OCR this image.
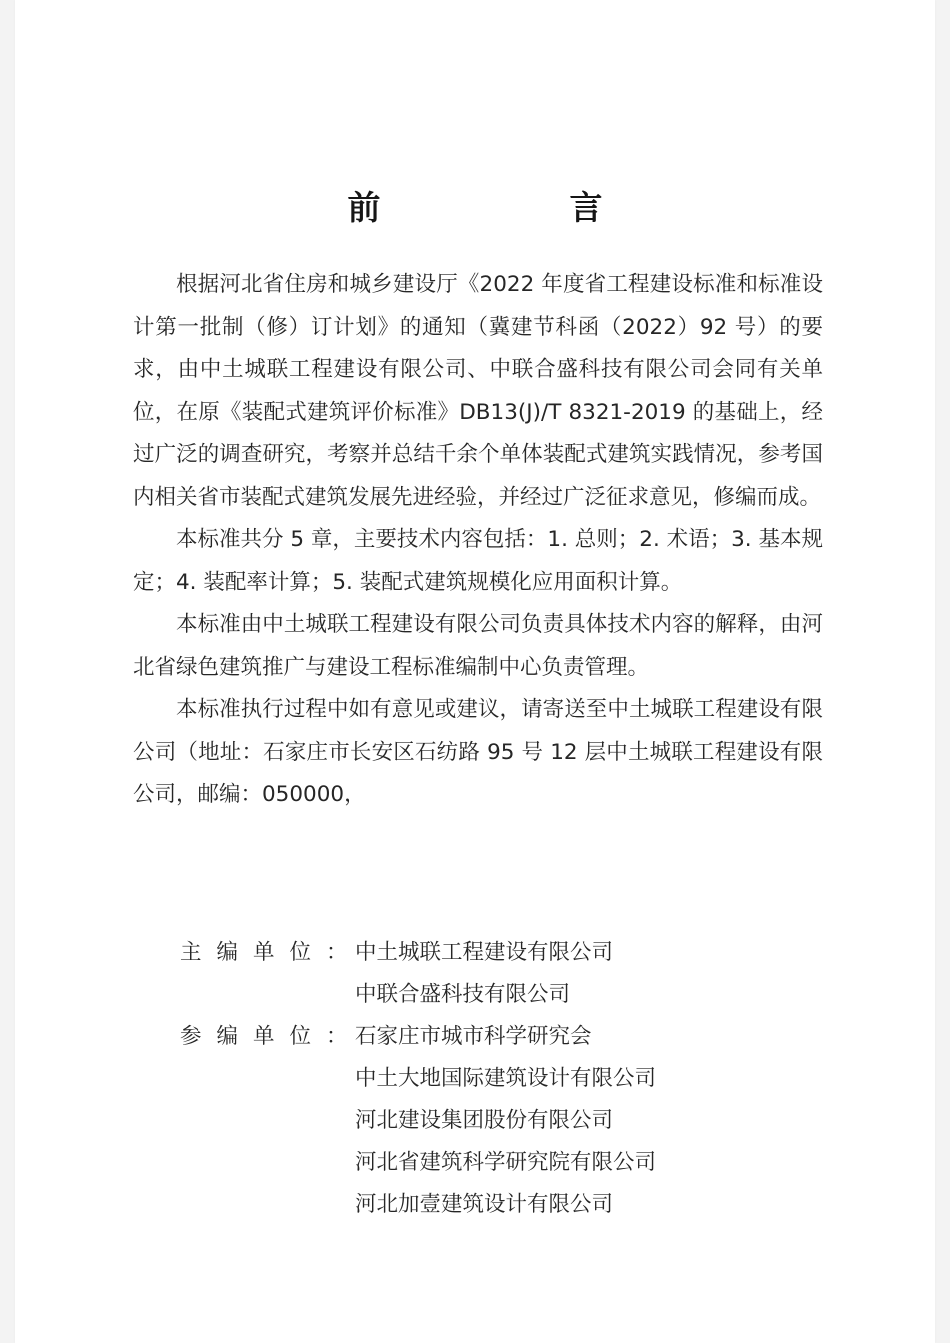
前　言

根据河北省住房和城乡建设厅《2022 年度省工程建设标准和标准设计第一批制（修）订计划》的通知（冀建节科函（2022）92 号）的要求，由中土城联工程建设有限公司、中联合盛科技有限公司会同有关单位，在原《装配式建筑评价标准》DB13(J)/T 8321-2019 的基础上，经过广泛的调查研究，考察并总结千余个单体装配式建筑实践情况，参考国内相关省市装配式建筑发展先进经验，并经过广泛征求意见，修编而成。

本标准共分 5 章，主要技术内容包括：1. 总则；2. 术语；3. 基本规定；4. 装配率计算；5. 装配式建筑规模化应用面积计算。

本标准由中土城联工程建设有限公司负责具体技术内容的解释，由河北省绿色建筑推广与建设工程标准编制中心负责管理。

本标准执行过程中如有意见或建议，请寄送至中土城联工程建设有限公司（地址：石家庄市长安区石纺路 95 号 12 层中土城联工程建设有限公司，邮编：050000，

主编单位：
中土城联工程建设有限公司
中联合盛科技有限公司
参编单位：
石家庄市城市科学研究会
中土大地国际建筑设计有限公司
河北建设集团股份有限公司
河北省建筑科学研究院有限公司
河北加壹建筑设计有限公司
